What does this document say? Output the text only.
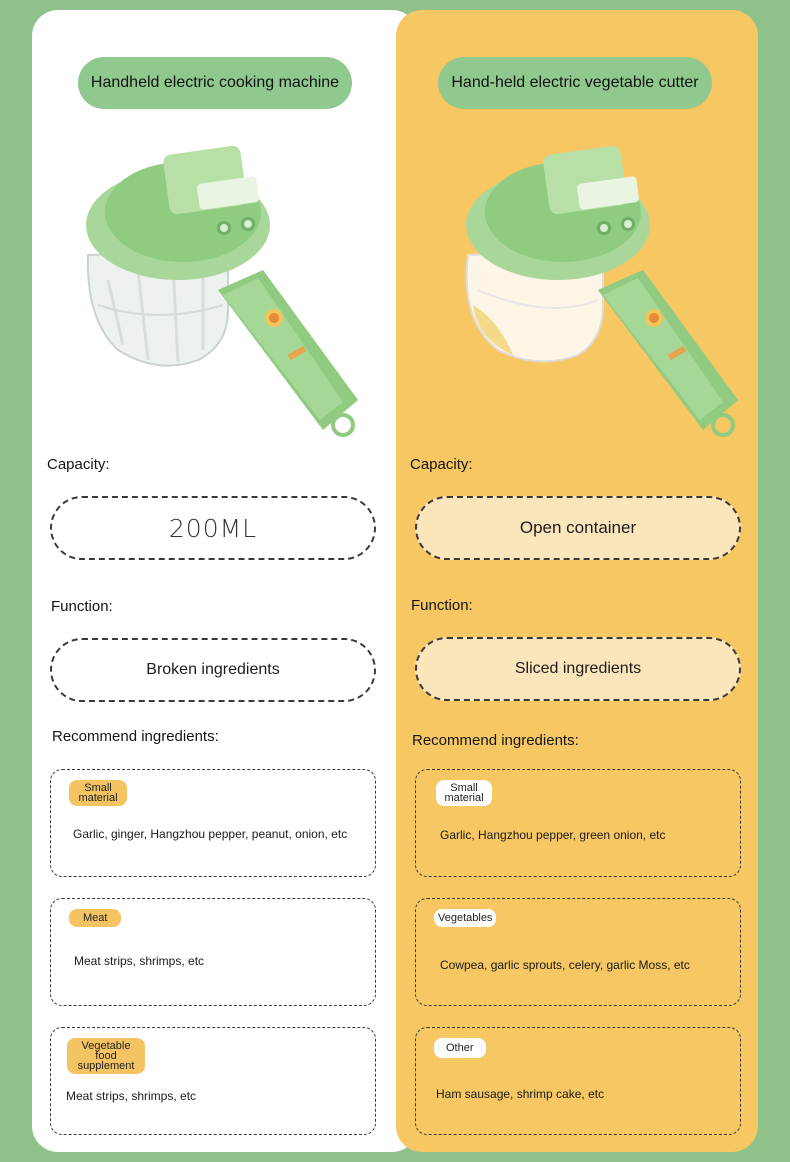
Handheld electric cooking machine
Capacity:
200ML
Function:
Broken ingredients
Recommend ingredients:
Small material
Garlic, ginger, Hangzhou pepper, peanut, onion, etc
Meat
Meat strips, shrimps, etc
Vegetable food supplement
Meat strips, shrimps, etc
Hand-held electric vegetable cutter
Capacity:
Open container
Function:
Sliced ingredients
Recommend ingredients:
Small material
Garlic, Hangzhou pepper, green onion, etc
Vegetables
Cowpea, garlic sprouts, celery, garlic Moss, etc
Other
Ham sausage, shrimp cake, etc
